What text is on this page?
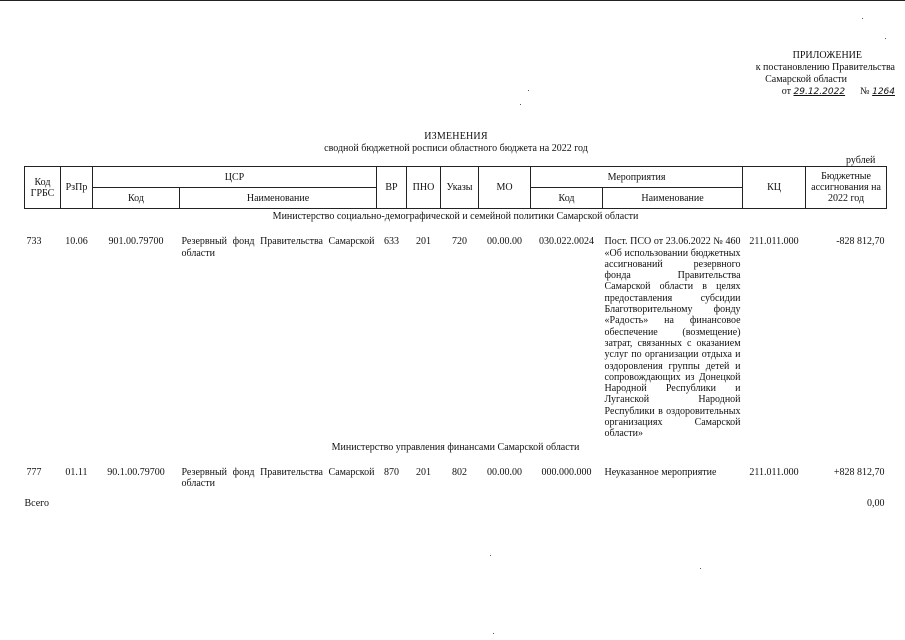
ПРИЛОЖЕНИЕ
к постановлению Правительства
Самарской области
от 29.12.2022 № 1264
ИЗМЕНЕНИЯ
сводной бюджетной росписи областного бюджета на 2022 год
рублей
Код ГРБС	РзПр	ЦСР		ВР	ПНО	Указы	МО	Мероприятия		КЦ	Бюджетные ассигнования на 2022 год
		Код	Наименование					Код	Наименование		
Министерство социально-демографической и семейной политики Самарской области											

733	10.06	901.00.79700	Резервный фонд Правительства Самарской области	633	201	720	00.00.00	030.022.0024	Пост. ПСО от 23.06.2022 № 460 «Об использовании бюджетных ассигнований резервного фонда Правительства Самарской области в целях предоставления субсидии Благотворительному фонду «Радость» на финансовое обеспечение (возмещение) затрат, связанных с оказанием услуг по организации отдыха и оздоровления группы детей и сопровождающих из Донецкой Народной Республики и Луганской Народной Республики в оздоровительных организациях Самарской области»	211.011.000	-828 812,70
Министерство управления финансами Самарской области											

777	01.11	90.1.00.79700	Резервный фонд Правительства Самарской области	870	201	802	00.00.00	000.000.000	Неуказанное мероприятие	211.011.000	+828 812,70
Всего											0,00
